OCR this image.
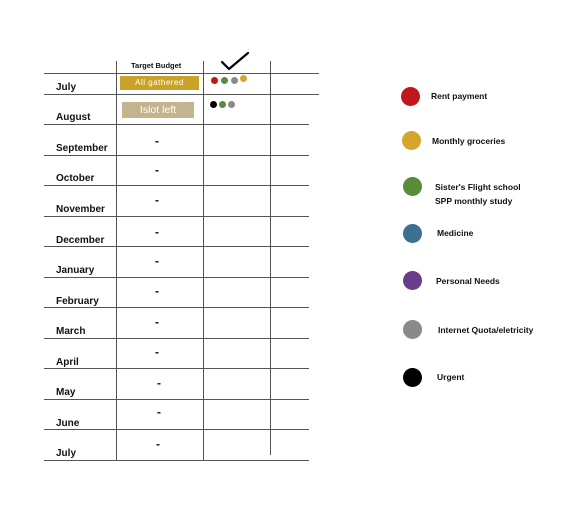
Target Budget
July
August
September
October
November
December
January
February
March
April
May
June
July
All gathered
Islot left
-
-
-
-
-
-
-
-
-
-
-
Rent payment
Monthly groceries
Sister's Flight school
SPP monthly study
Medicine
Personal Needs
Internet Quota/eletricity
Urgent
